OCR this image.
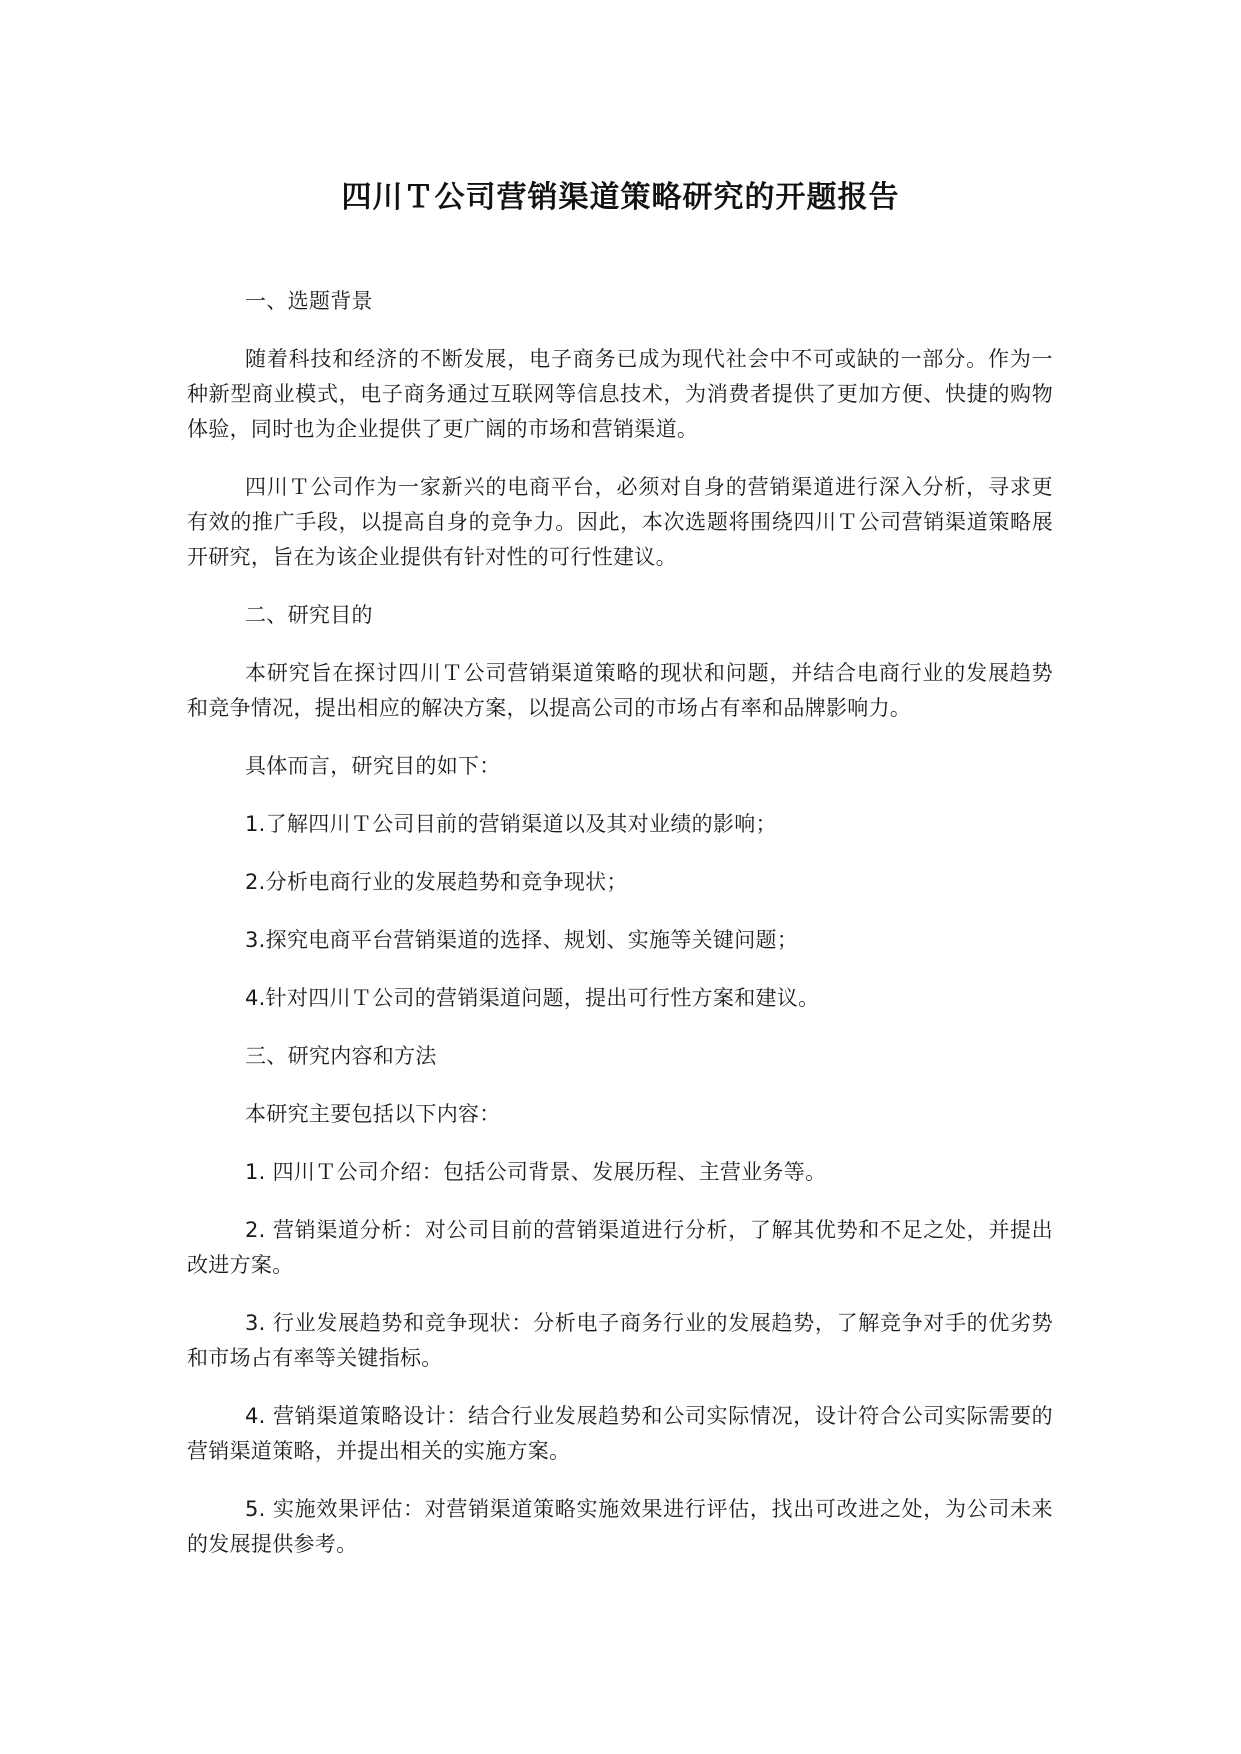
四川Ｔ公司营销渠道策略研究的开题报告

一、选题背景

随着科技和经济的不断发展，电子商务已成为现代社会中不可或缺的一部分。作为一种新型商业模式，电子商务通过互联网等信息技术，为消费者提供了更加方便、快捷的购物体验，同时也为企业提供了更广阔的市场和营销渠道。

四川Ｔ公司作为一家新兴的电商平台，必须对自身的营销渠道进行深入分析，寻求更有效的推广手段，以提高自身的竞争力。因此，本次选题将围绕四川Ｔ公司营销渠道策略展开研究，旨在为该企业提供有针对性的可行性建议。

二、研究目的

本研究旨在探讨四川Ｔ公司营销渠道策略的现状和问题，并结合电商行业的发展趋势和竞争情况，提出相应的解决方案，以提高公司的市场占有率和品牌影响力。

具体而言，研究目的如下：

1.了解四川Ｔ公司目前的营销渠道以及其对业绩的影响；

2.分析电商行业的发展趋势和竞争现状；

3.探究电商平台营销渠道的选择、规划、实施等关键问题；

4.针对四川Ｔ公司的营销渠道问题，提出可行性方案和建议。

三、研究内容和方法

本研究主要包括以下内容：

1. 四川Ｔ公司介绍：包括公司背景、发展历程、主营业务等。

2. 营销渠道分析：对公司目前的营销渠道进行分析，了解其优势和不足之处，并提出改进方案。

3. 行业发展趋势和竞争现状：分析电子商务行业的发展趋势，了解竞争对手的优劣势和市场占有率等关键指标。

4. 营销渠道策略设计：结合行业发展趋势和公司实际情况，设计符合公司实际需要的营销渠道策略，并提出相关的实施方案。

5. 实施效果评估：对营销渠道策略实施效果进行评估，找出可改进之处，为公司未来的发展提供参考。
